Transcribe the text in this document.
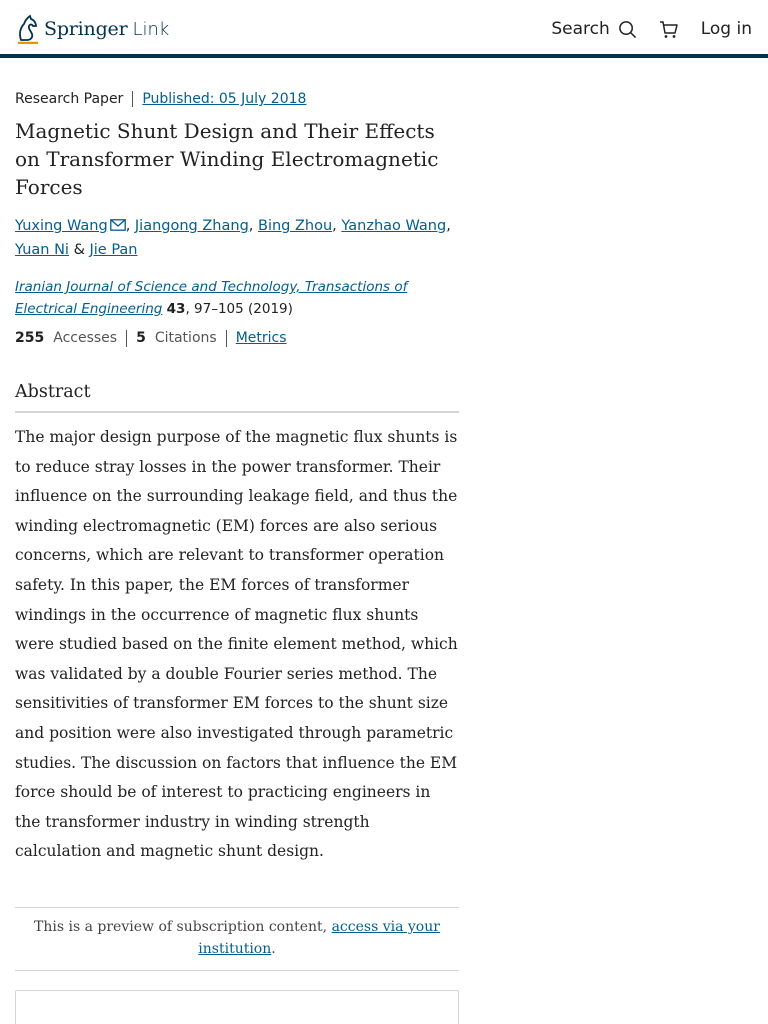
Springer Link	Search	Log in
Research Paper Published: 05 July 2018
Magnetic Shunt Design and Their Effects on Transformer Winding Electromagnetic Forces
Yuxing Wang , Jiangong Zhang, Bing Zhou, Yanzhao Wang,
Yuan Ni & Jie Pan
Iranian Journal of Science and Technology, Transactions of Electrical Engineering 43, 97–105 (2019)
255 Accesses 5 Citations Metrics
Abstract

The major design purpose of the magnetic flux shunts is to reduce stray losses in the power transformer. Their influence on the surrounding leakage field, and thus the winding electromagnetic (EM) forces are also serious concerns, which are relevant to transformer operation safety. In this paper, the EM forces of transformer windings in the occurrence of magnetic flux shunts were studied based on the finite element method, which was validated by a double Fourier series method. The sensitivities of transformer EM forces to the shunt size and position were also investigated through parametric studies. The discussion on factors that influence the EM force should be of interest to practicing engineers in the transformer industry in winding strength calculation and magnetic shunt design.

This is a preview of subscription content, access via your institution.
